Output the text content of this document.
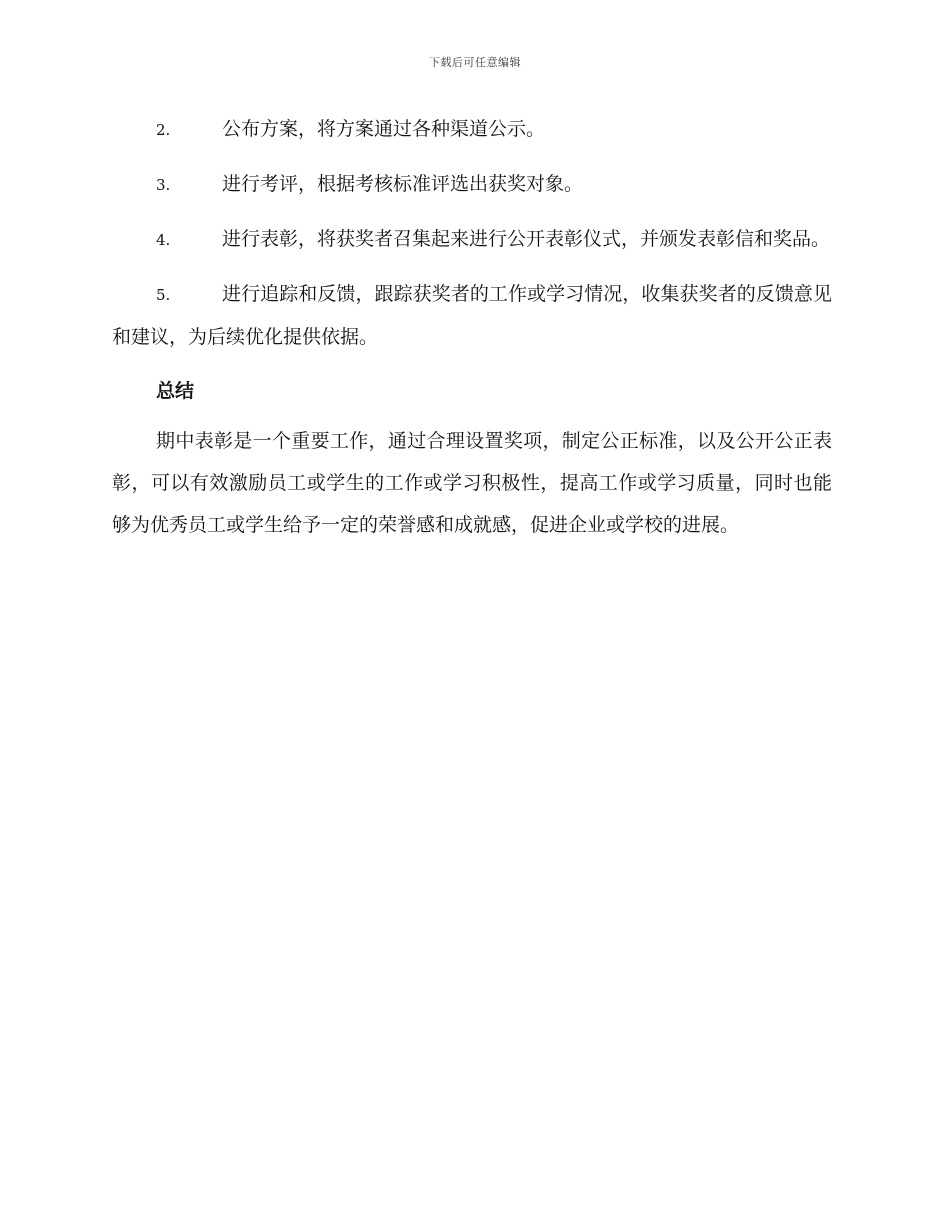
下载后可任意编辑

2.	公布方案，将方案通过各种渠道公示。

3.	进行考评，根据考核标准评选出获奖对象。

4.	进行表彰，将获奖者召集起来进行公开表彰仪式，并颁发表彰信和奖品。

5.	进行追踪和反馈，跟踪获奖者的工作或学习情况，收集获奖者的反馈意见和建议，为后续优化提供依据。

总结

期中表彰是一个重要工作，通过合理设置奖项，制定公正标准，以及公开公正表彰，可以有效激励员工或学生的工作或学习积极性，提高工作或学习质量，同时也能够为优秀员工或学生给予一定的荣誉感和成就感，促进企业或学校的进展。
